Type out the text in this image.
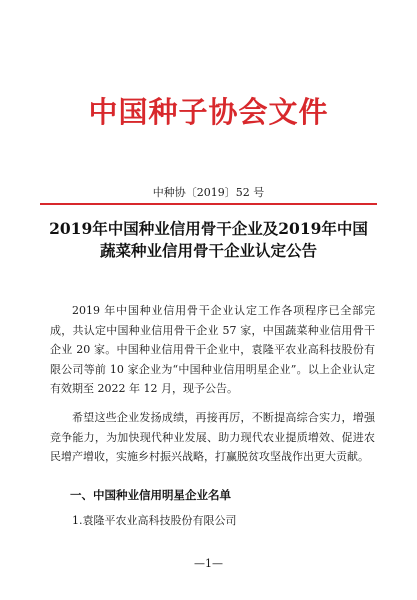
中国种子协会文件
中种协〔2019〕52 号
2019年中国种业信用骨干企业及2019年中国
蔬菜种业信用骨干企业认定公告
2019 年中国种业信用骨干企业认定工作各项程序已全部完成，共认定中国种业信用骨干企业 57 家，中国蔬菜种业信用骨干企业 20 家。中国种业信用骨干企业中，袁隆平农业高科技股份有限公司等前 10 家企业为“中国种业信用明星企业”。以上企业认定有效期至 2022 年 12 月，现予公告。
希望这些企业发扬成绩，再接再厉，不断提高综合实力，增强竞争能力，为加快现代种业发展、助力现代农业提质增效、促进农民增产增收，实施乡村振兴战略，打赢脱贫攻坚战作出更大贡献。
一、中国种业信用明星企业名单
1.袁隆平农业高科技股份有限公司
—1—
